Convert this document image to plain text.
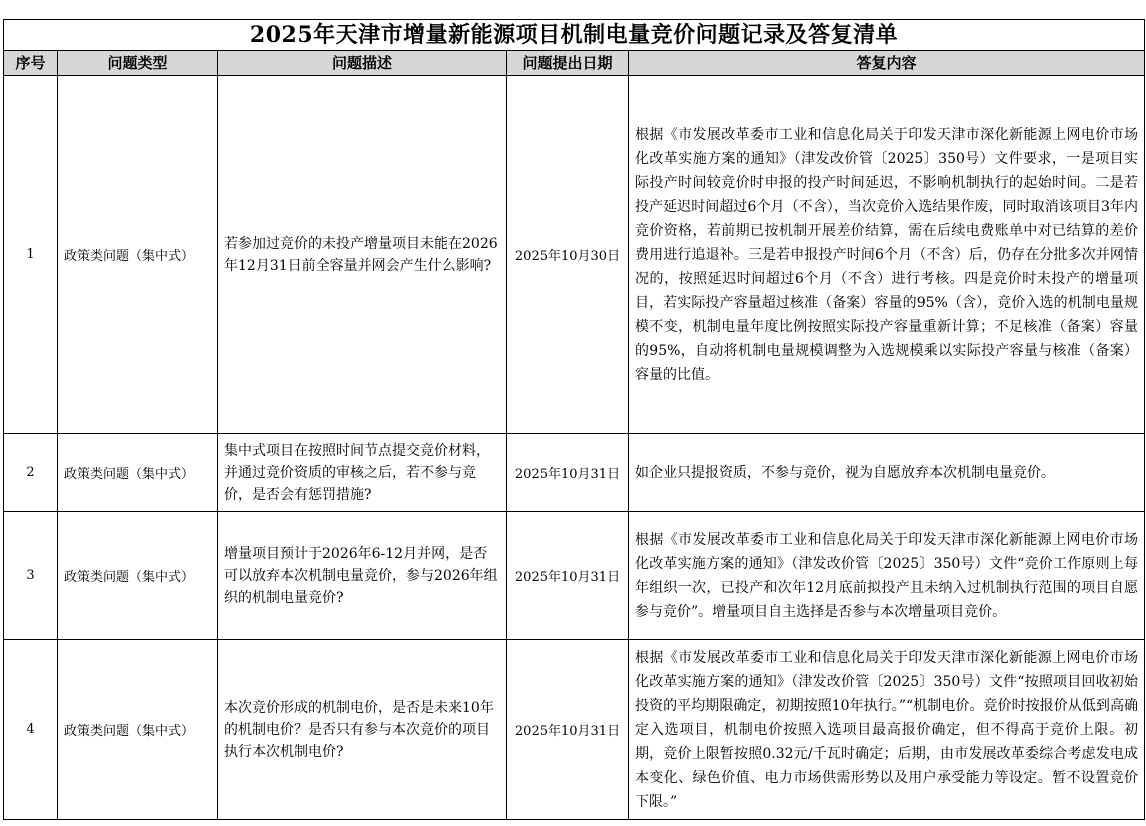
2025年天津市增量新能源项目机制电量竞价问题记录及答复清单				
序号	问题类型	问题描述	问题提出日期	答复内容
1	政策类问题（集中式）	若参加过竞价的未投产增量项目未能在2026年12月31日前全容量并网会产生什么影响?	2025年10月30日	根据《市发展改革委市工业和信息化局关于印发天津市深化新能源上网电价市场化改革实施方案的通知》（津发改价管〔2025〕350号）文件要求，一是项目实际投产时间较竞价时申报的投产时间延迟，不影响机制执行的起始时间。二是若投产延迟时间超过6个月（不含），当次竞价入选结果作废，同时取消该项目3年内竞价资格，若前期已按机制开展差价结算，需在后续电费账单中对已结算的差价费用进行追退补。三是若申报投产时间6个月（不含）后，仍存在分批多次并网情况的，按照延迟时间超过6个月（不含）进行考核。四是竞价时未投产的增量项目，若实际投产容量超过核准（备案）容量的95%（含），竞价入选的机制电量规模不变，机制电量年度比例按照实际投产容量重新计算；不足核准（备案）容量的95%，自动将机制电量规模调整为入选规模乘以实际投产容量与核准（备案）容量的比值。
2	政策类问题（集中式）	集中式项目在按照时间节点提交竞价材料，并通过竞价资质的审核之后，若不参与竞价，是否会有惩罚措施?	2025年10月31日	如企业只提报资质，不参与竞价，视为自愿放弃本次机制电量竞价。
3	政策类问题（集中式）	增量项目预计于2026年6-12月并网，是否可以放弃本次机制电量竞价，参与2026年组织的机制电量竞价?	2025年10月31日	根据《市发展改革委市工业和信息化局关于印发天津市深化新能源上网电价市场化改革实施方案的通知》（津发改价管〔2025〕350号）文件“竞价工作原则上每年组织一次，已投产和次年12月底前拟投产且未纳入过机制执行范围的项目自愿参与竞价”。增量项目自主选择是否参与本次增量项目竞价。
4	政策类问题（集中式）	本次竞价形成的机制电价，是否是未来10年的机制电价？是否只有参与本次竞价的项目执行本次机制电价?	2025年10月31日	根据《市发展改革委市工业和信息化局关于印发天津市深化新能源上网电价市场化改革实施方案的通知》（津发改价管〔2025〕350号）文件“按照项目回收初始投资的平均期限确定，初期按照10年执行。”“机制电价。竞价时按报价从低到高确定入选项目，机制电价按照入选项目最高报价确定，但不得高于竞价上限。初期，竞价上限暂按照0.32元/千瓦时确定；后期，由市发展改革委综合考虑发电成本变化、绿色价值、电力市场供需形势以及用户承受能力等设定。暂不设置竞价下限。”
